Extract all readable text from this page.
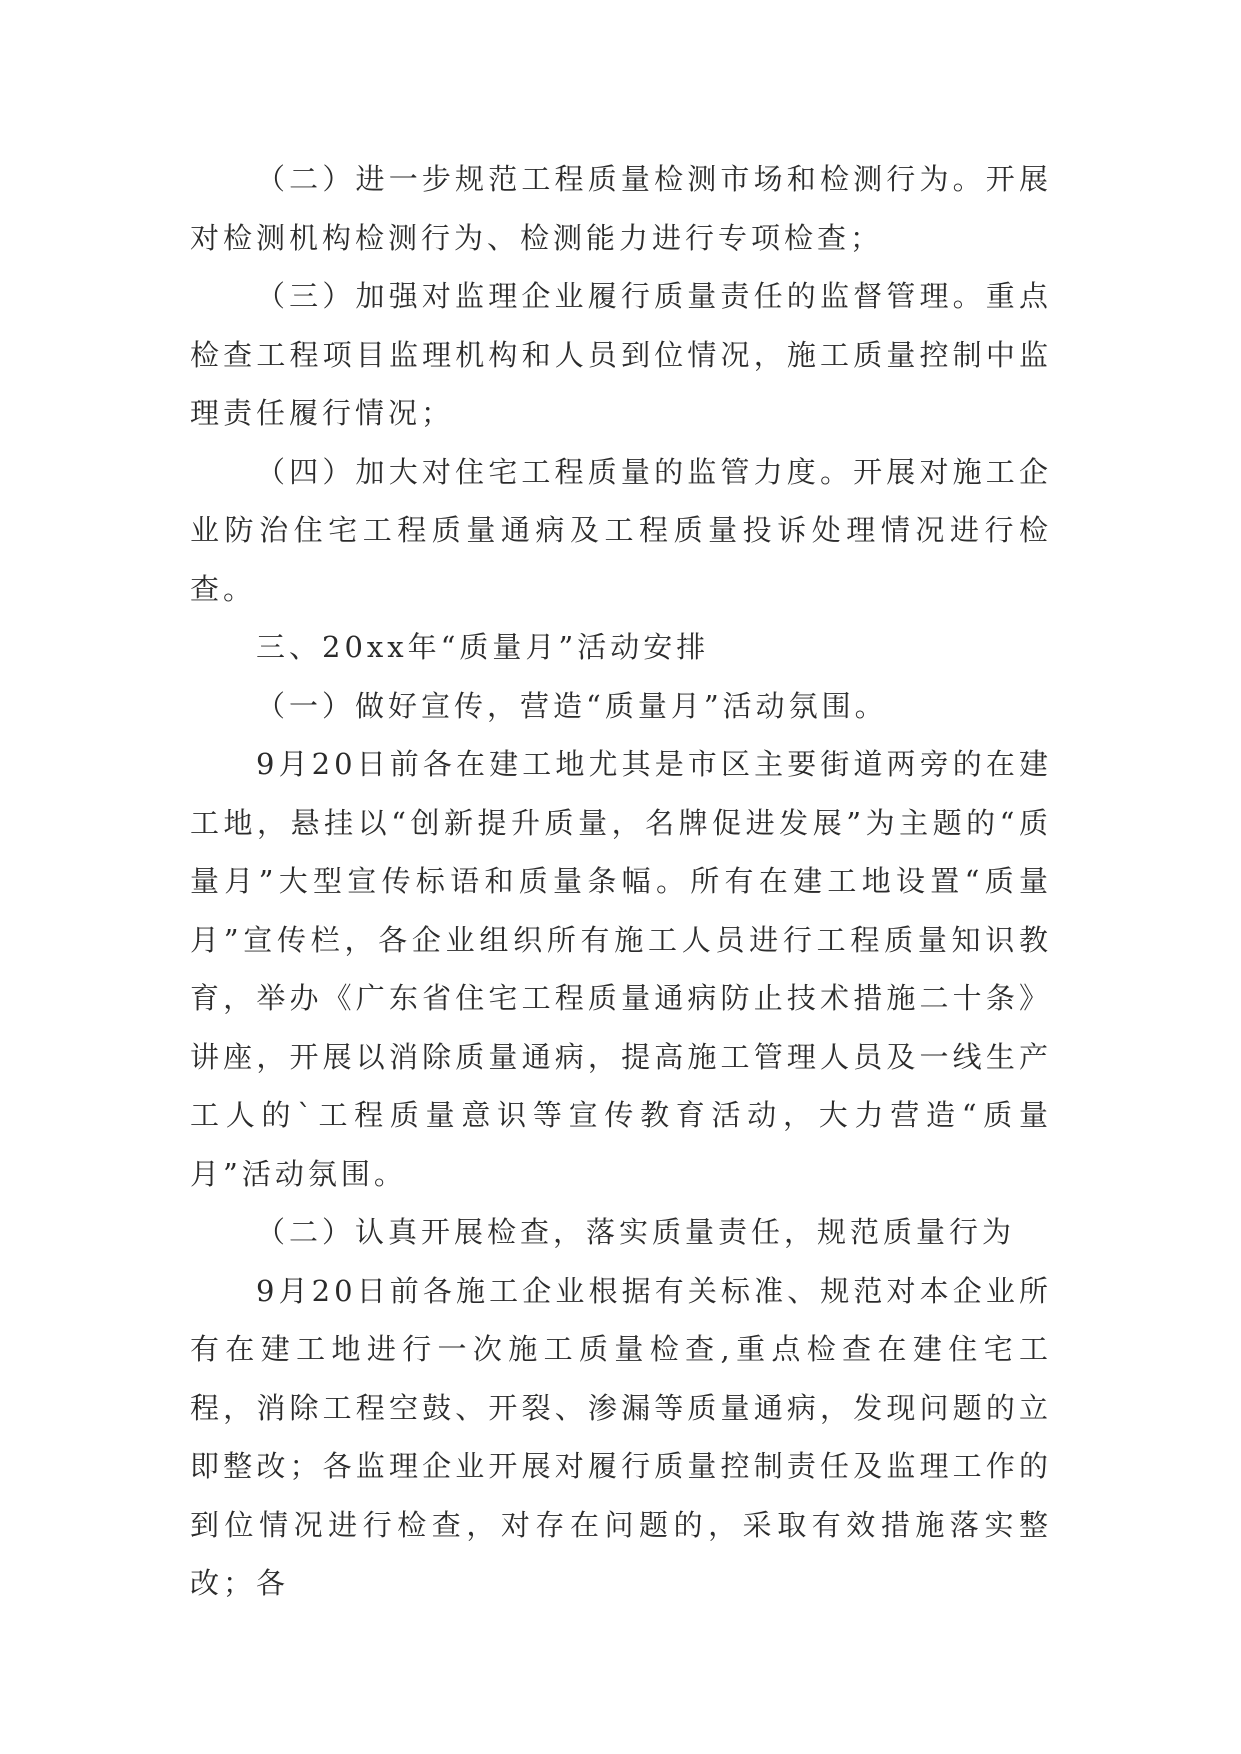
（二）进一步规范工程质量检测市场和检测行为。开展对检测机构检测行为、检测能力进行专项检查；

（三）加强对监理企业履行质量责任的监督管理。重点检查工程项目监理机构和人员到位情况，施工质量控制中监理责任履行情况；

（四）加大对住宅工程质量的监管力度。开展对施工企业防治住宅工程质量通病及工程质量投诉处理情况进行检查。

三、20xx年“质量月”活动安排

（一）做好宣传，营造“质量月”活动氛围。

9月20日前各在建工地尤其是市区主要街道两旁的在建工地，悬挂以“创新提升质量，名牌促进发展”为主题的“质量月”大型宣传标语和质量条幅。所有在建工地设置“质量月”宣传栏，各企业组织所有施工人员进行工程质量知识教育，举办《广东省住宅工程质量通病防止技术措施二十条》讲座，开展以消除质量通病，提高施工管理人员及一线生产工人的`工程质量意识等宣传教育活动，大力营造“质量月”活动氛围。

（二）认真开展检查，落实质量责任，规范质量行为

9月20日前各施工企业根据有关标准、规范对本企业所有在建工地进行一次施工质量检查,重点检查在建住宅工程，消除工程空鼓、开裂、渗漏等质量通病，发现问题的立即整改；各监理企业开展对履行质量控制责任及监理工作的到位情况进行检查，对存在问题的，采取有效措施落实整改；各
